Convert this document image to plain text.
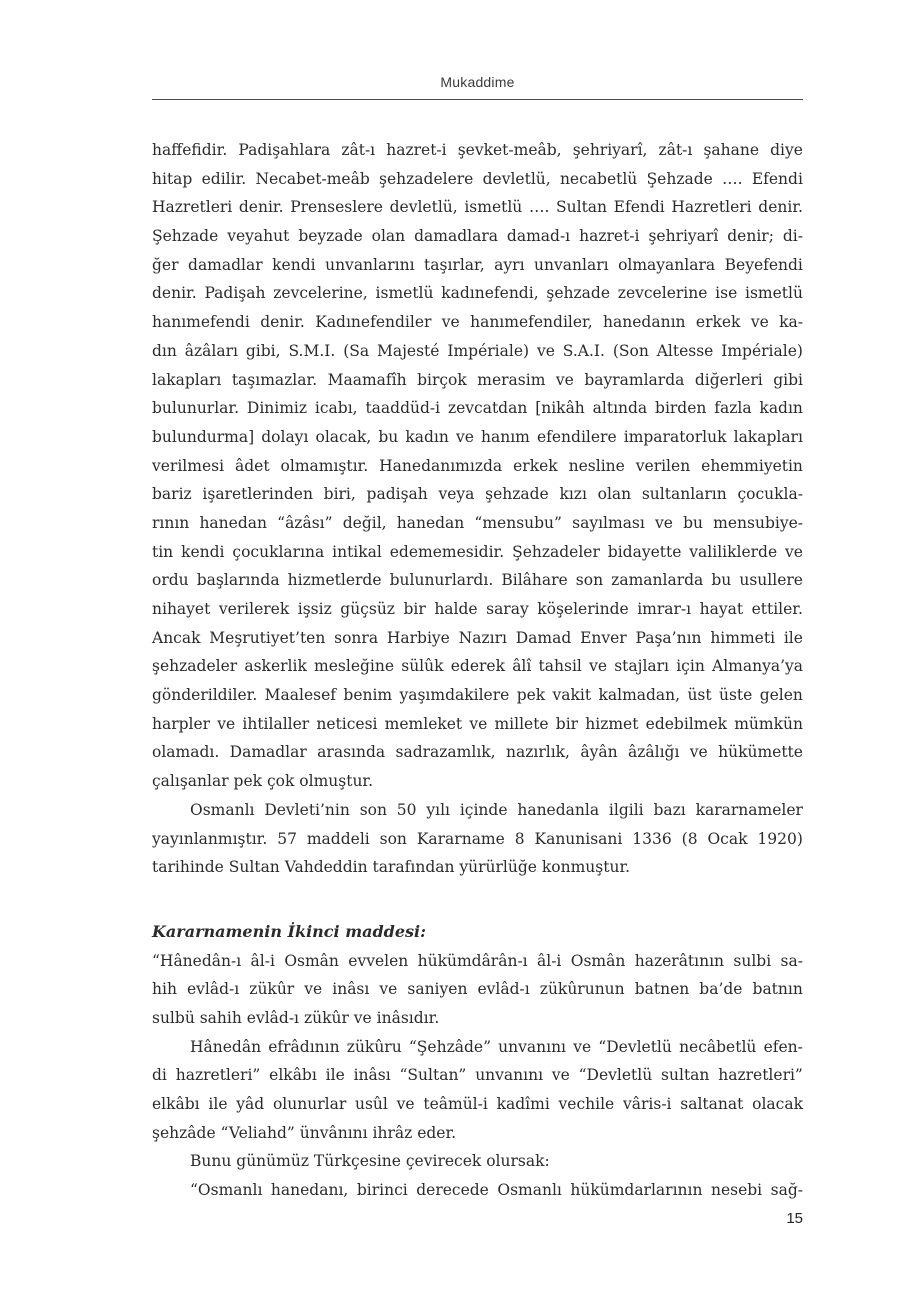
Mukaddime
haffefidir. Padişahlara zât-ı hazret-i şevket-meâb, şehriyarî, zât-ı şahane diye
hitap edilir. Necabet-meâb şehzadelere devletlü, necabetlü Şehzade …. Efendi
Hazretleri denir. Prenseslere devletlü, ismetlü …. Sultan Efendi Hazretleri denir.
Şehzade veyahut beyzade olan damadlara damad-ı hazret-i şehriyarî denir; di-
ğer damadlar kendi unvanlarını taşırlar, ayrı unvanları olmayanlara Beyefendi
denir. Padişah zevcelerine, ismetlü kadınefendi, şehzade zevcelerine ise ismetlü
hanımefendi denir. Kadınefendiler ve hanımefendiler, hanedanın erkek ve ka-
dın âzâları gibi, S.M.I. (Sa Majesté Impériale) ve S.A.I. (Son Altesse Impériale)
lakapları taşımazlar. Maamafîh birçok merasim ve bayramlarda diğerleri gibi
bulunurlar. Dinimiz icabı, taaddüd-i zevcatdan [nikâh altında birden fazla kadın
bulundurma] dolayı olacak, bu kadın ve hanım efendilere imparatorluk lakapları
verilmesi âdet olmamıştır. Hanedanımızda erkek nesline verilen ehemmiyetin
bariz işaretlerinden biri, padişah veya şehzade kızı olan sultanların çocukla-
rının hanedan “âzâsı” değil, hanedan “mensubu” sayılması ve bu mensubiye-
tin kendi çocuklarına intikal edememesidir. Şehzadeler bidayette valiliklerde ve
ordu başlarında hizmetlerde bulunurlardı. Bilâhare son zamanlarda bu usullere
nihayet verilerek işsiz güçsüz bir halde saray köşelerinde imrar-ı hayat ettiler.
Ancak Meşrutiyet’ten sonra Harbiye Nazırı Damad Enver Paşa’nın himmeti ile
şehzadeler askerlik mesleğine sülûk ederek âlî tahsil ve stajları için Almanya’ya
gönderildiler. Maalesef benim yaşımdakilere pek vakit kalmadan, üst üste gelen
harpler ve ihtilaller neticesi memleket ve millete bir hizmet edebilmek mümkün
olamadı. Damadlar arasında sadrazamlık, nazırlık, âyân âzâlığı ve hükümette
çalışanlar pek çok olmuştur.
Osmanlı Devleti’nin son 50 yılı içinde hanedanla ilgili bazı kararnameler
yayınlanmıştır. 57 maddeli son Kararname 8 Kanunisani 1336 (8 Ocak 1920)
tarihinde Sultan Vahdeddin tarafından yürürlüğe konmuştur.
Kararnamenin İkinci maddesi:
“Hânedân-ı âl-i Osmân evvelen hükümdârân-ı âl-i Osmân hazerâtının sulbi sa-
hih evlâd-ı zükûr ve inâsı ve saniyen evlâd-ı zükûrunun batnen ba’de batnın
sulbü sahih evlâd-ı zükûr ve inâsıdır.
Hânedân efrâdının zükûru “Şehzâde” unvanını ve “Devletlü necâbetlü efen-
di hazretleri” elkâbı ile inâsı “Sultan” unvanını ve “Devletlü sultan hazretleri”
elkâbı ile yâd olunurlar usûl ve teâmül-i kadîmi vechile vâris-i saltanat olacak
şehzâde “Veliahd” ünvânını ihrâz eder.
Bunu günümüz Türkçesine çevirecek olursak:
“Osmanlı hanedanı, birinci derecede Osmanlı hükümdarlarının nesebi sağ-
15
